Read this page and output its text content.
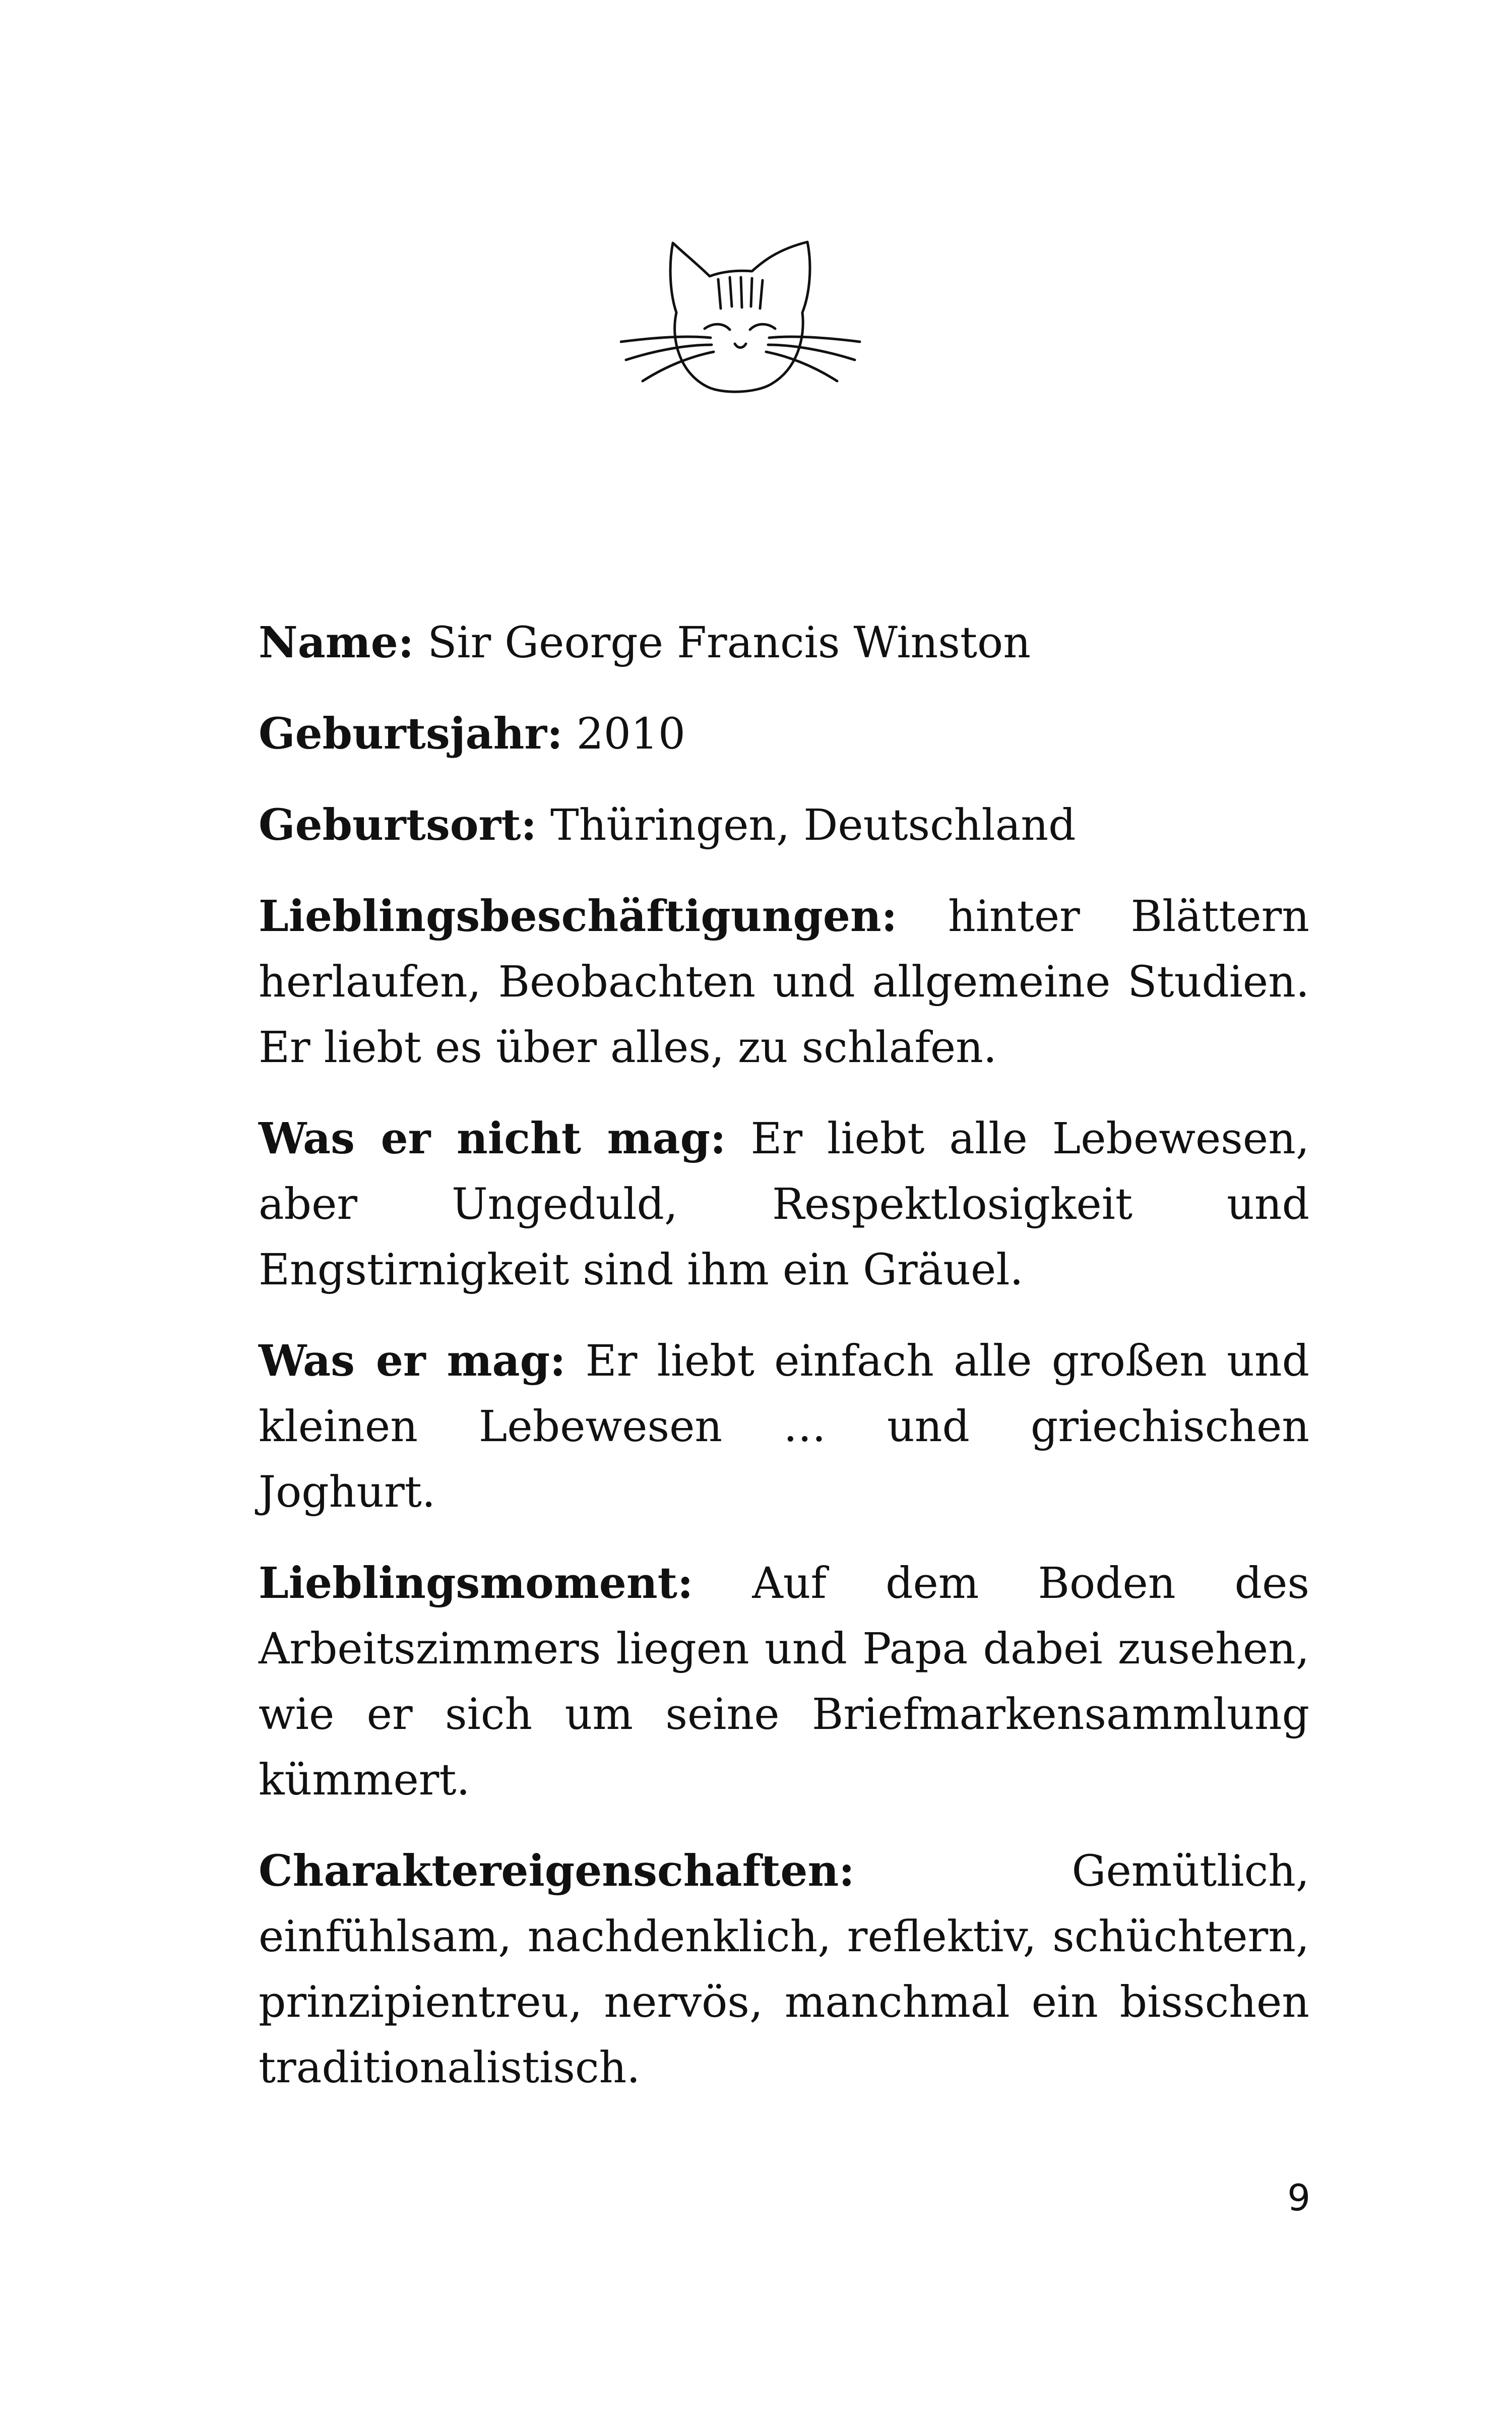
Name: Sir George Francis Winston

Geburtsjahr: 2010

Geburtsort: Thüringen, Deutschland

Lieblingsbeschäftigungen: hinter Blättern herlaufen, Beobachten und allgemeine Studien. Er liebt es über alles, zu schlafen.

Was er nicht mag: Er liebt alle Lebewesen, aber Ungeduld, Respektlosigkeit und Engstirnigkeit sind ihm ein Gräuel.

Was er mag: Er liebt einfach alle großen und kleinen Lebewesen … und griechischen Joghurt.

Lieblingsmoment: Auf dem Boden des Arbeitszimmers liegen und Papa dabei zusehen, wie er sich um seine Briefmarkensammlung kümmert.

Charaktereigenschaften:	Gemütlich, einfühlsam, nachdenklich, reflektiv, schüchtern, prinzipientreu, nervös, manchmal ein bisschen traditionalistisch.

9
